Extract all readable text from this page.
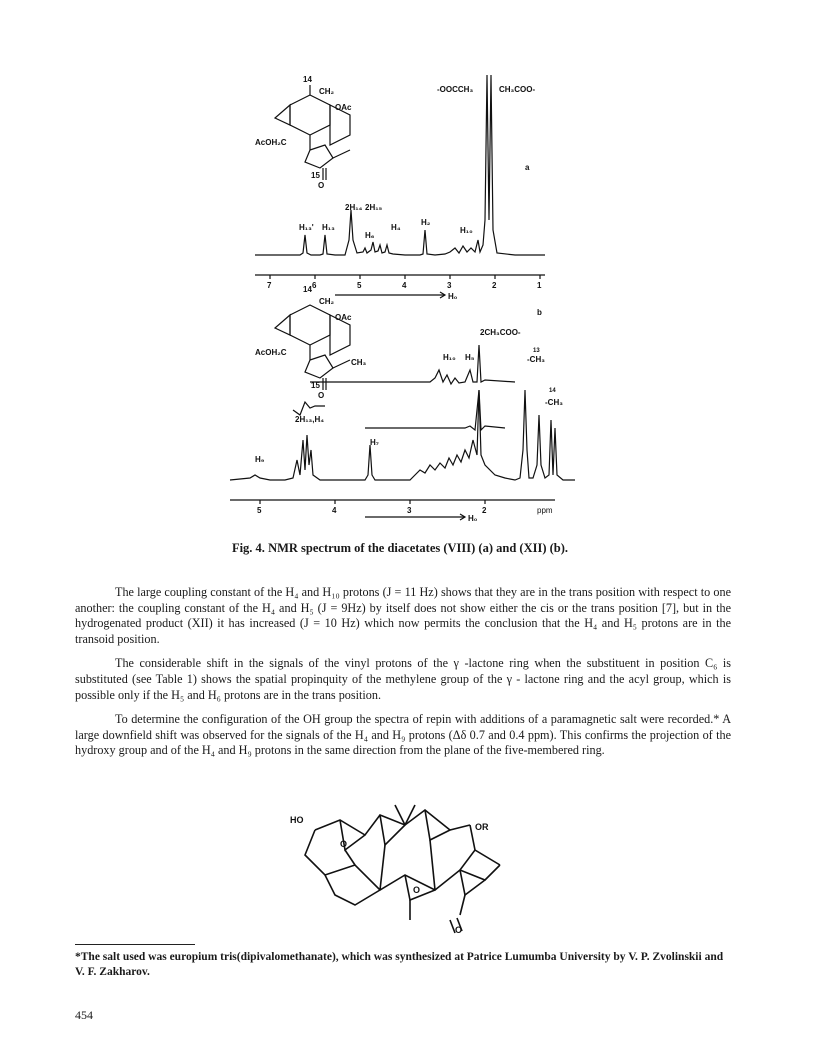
14
CH₂
OAc
AcOH₂C
15
O
-OOCCH₃	CH₃COO-
a
H₁₃' H₁₃
2H₁₄ 2H₁₅
H₆
H₄
H₂
H₁₀
7	6	5	4	3	2	1
H₀
14
CH₂
OAc
AcOH₂C
15
O
CH₃
b
2CH₃COO-
H₁₀ H₅
13
-CH₃
14
-CH₃
2H₁₃,H₄
H₇
H₉
5	4	3	2
H₀
ppm
Fig. 4. NMR spectrum of the diacetates (VIII) (a) and (XII) (b).

The large coupling constant of the H₄ and H₁₀ protons (J = 11 Hz) shows that they are in the trans position with respect to one another: the coupling constant of the H₄ and H₅ (J = 9Hz) by itself does not show either the cis or the trans position [7], but in the hydrogenated product (XII) it has increased (J = 10 Hz) which now permits the conclusion that the H₄ and H₅ protons are in the transoid position.

The considerable shift in the signals of the vinyl protons of the γ -lactone ring when the substituent in position C₆ is substituted (see Table 1) shows the spatial propinquity of the methylene group of the γ - lactone ring and the acyl group, which is possible only if the H₅ and H₆ protons are in the trans position.

To determine the configuration of the OH group the spectra of repin with additions of a paramagnetic salt were recorded.* A large downfield shift was observed for the signals of the H₄ and H₉ protons (Δδ 0.7 and 0.4 ppm). This confirms the projection of the hydroxy group and of the H₄ and H₉ protons in the same direction from the plane of the five-membered ring.

HO
OR
O
O
O
*The salt used was europium tris(dipivalomethanate), which was synthesized at Patrice Lumumba University by V. P. Zvolinskii and V. F. Zakharov.
454
